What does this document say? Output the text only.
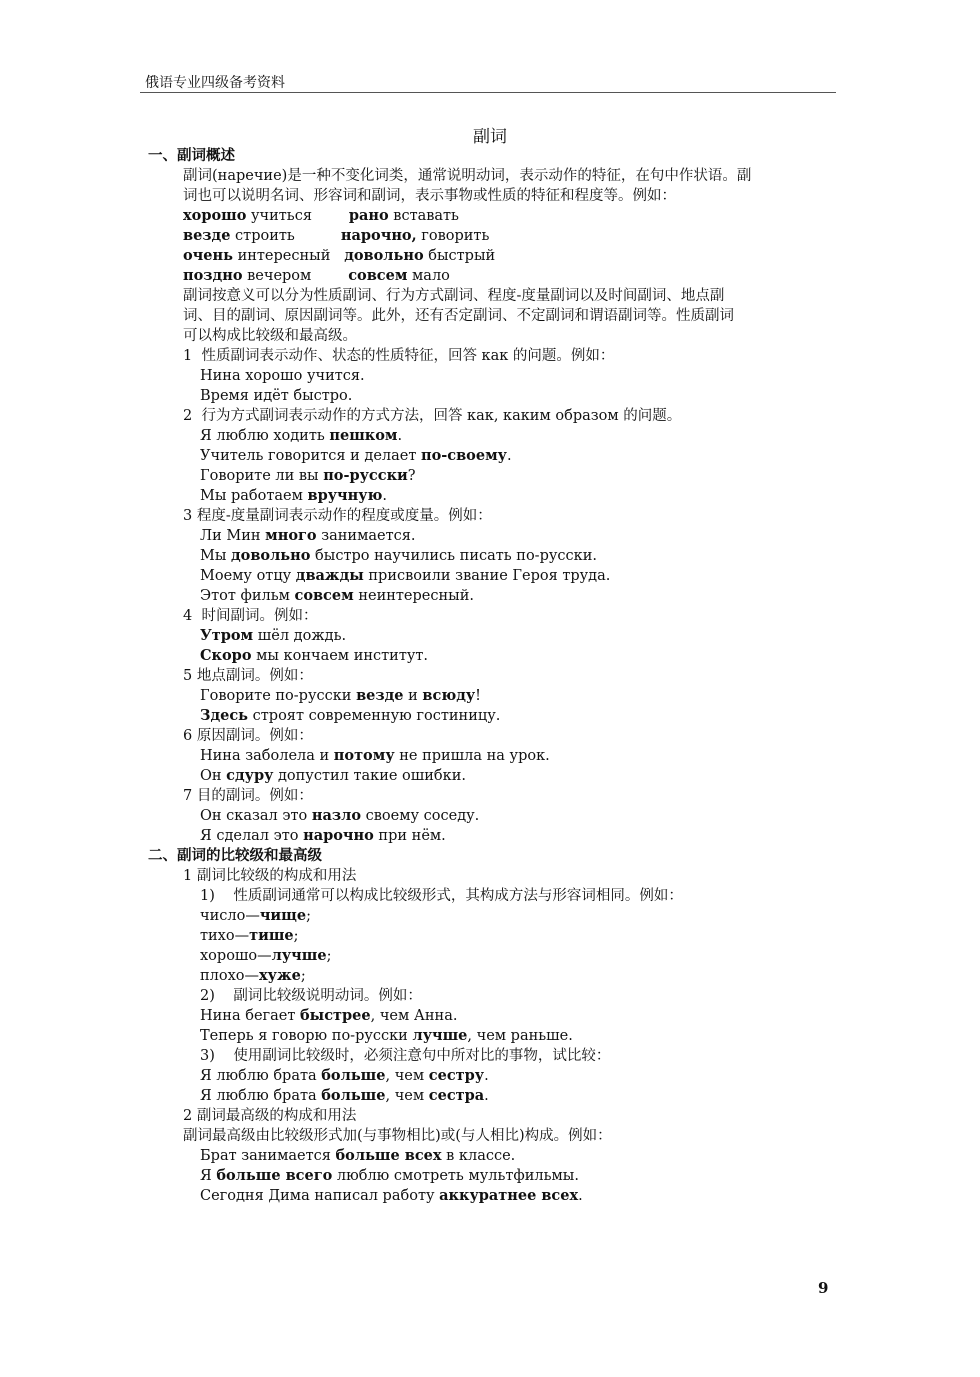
俄语专业四级备考资料
副词
一、副词概述
副词(наречие)是一种不变化词类，通常说明动词，表示动作的特征，在句中作状语。副
词也可以说明名词、形容词和副词，表示事物或性质的特征和程度等。例如：
хорошо учиться        рано вставать
везде строить          нарочно, говорить
очень интересный   довольно быстрый
поздно вечером        совсем мало
副词按意义可以分为性质副词、行为方式副词、程度-度量副词以及时间副词、地点副
词、目的副词、原因副词等。此外，还有否定副词、不定副词和谓语副词等。性质副词
可以构成比较级和最高级。
1  性质副词表示动作、状态的性质特征，回答 как 的问题。例如：
Нина хорошо учится.
Время идёт быстро.
2  行为方式副词表示动作的方式方法，回答 как, каким образом 的问题。
Я люблю ходить пешком.
Учитель говорится и делает по-своему.
Говорите ли вы по-русски?
Мы работаем вручную.
3 程度-度量副词表示动作的程度或度量。例如：
Ли Мин много занимается.
Мы довольно быстро научились писать по-русски.
Моему отцу дважды присвоили звание Героя труда.
Этот фильм совсем неинтересный.
4  时间副词。例如：
Утром шёл дождь.
Скоро мы кончаем институт.
5 地点副词。例如：
Говорите по-русски везде и всюду!
Здесь строят современную гостиницу.
6 原因副词。例如：
Нина заболела и потому не пришла на урок.
Он сдуру допустил такие ошибки.
7 目的副词。例如：
Он сказал это назло своему соседу.
Я сделал это нарочно при нём.
二、副词的比较级和最高级
1 副词比较级的构成和用法
1)    性质副词通常可以构成比较级形式，其构成方法与形容词相同。例如：
число—чище;
тихо—тише;
хорошо—лучше;
плохо—хуже;
2)    副词比较级说明动词。例如：
Нина бегает быстрее, чем Анна.
Теперь я говорю по-русски лучше, чем раньше.
3)    使用副词比较级时，必须注意句中所对比的事物，试比较：
Я люблю брата больше, чем сестру.
Я люблю брата больше, чем сестра.
2 副词最高级的构成和用法
副词最高级由比较级形式加(与事物相比)或(与人相比)构成。例如：
Брат занимается больше всех в классе.
Я больше всего люблю смотреть мультфильмы.
Сегодня Дима написал работу аккуратнее всех.
9
